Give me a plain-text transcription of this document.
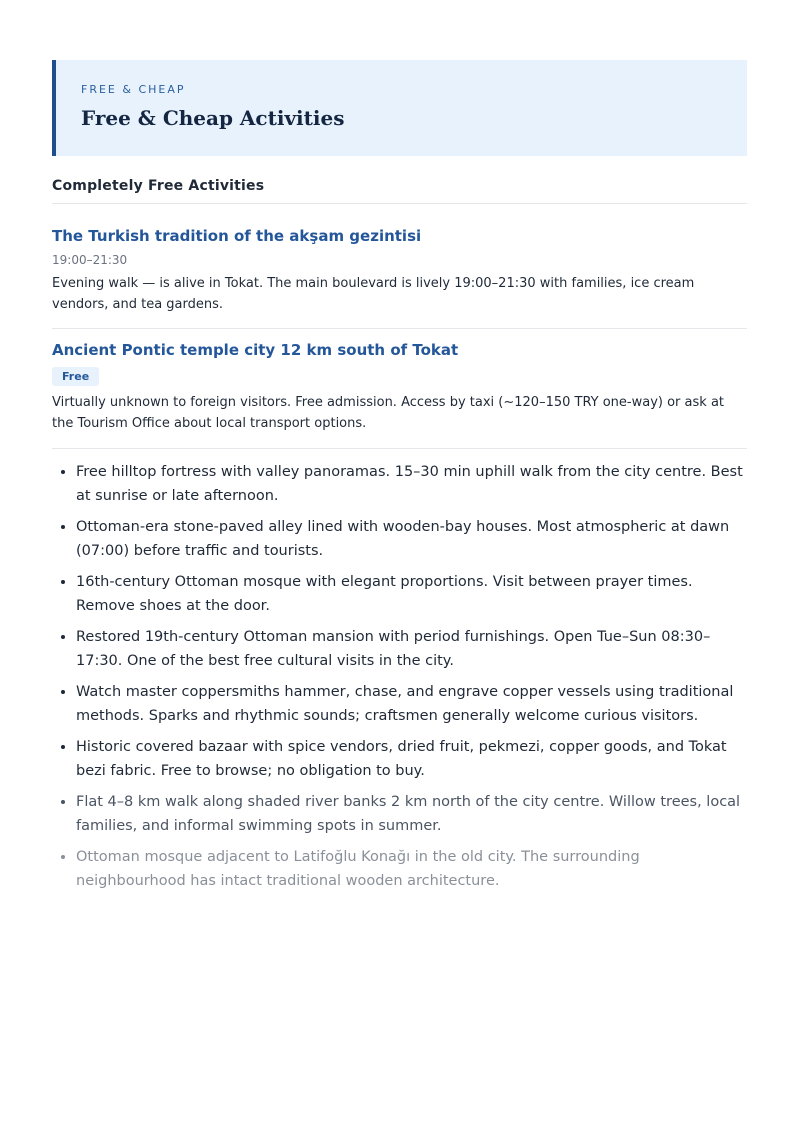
FREE & CHEAP
Free & Cheap Activities
Completely Free Activities
The Turkish tradition of the akşam gezintisi
19:00–21:30
Evening walk — is alive in Tokat. The main boulevard is lively 19:00–21:30 with families, ice cream vendors, and tea gardens.
Ancient Pontic temple city 12 km south of Tokat
Free
Virtually unknown to foreign visitors. Free admission. Access by taxi (~120–150 TRY one-way) or ask at the Tourism Office about local transport options.
• Free hilltop fortress with valley panoramas. 15–30 min uphill walk from the city centre. Best at sunrise or late afternoon.
• Ottoman-era stone-paved alley lined with wooden-bay houses. Most atmospheric at dawn (07:00) before traffic and tourists.
• 16th-century Ottoman mosque with elegant proportions. Visit between prayer times. Remove shoes at the door.
• Restored 19th-century Ottoman mansion with period furnishings. Open Tue–Sun 08:30–17:30. One of the best free cultural visits in the city.
• Watch master coppersmiths hammer, chase, and engrave copper vessels using traditional methods. Sparks and rhythmic sounds; craftsmen generally welcome curious visitors.
• Historic covered bazaar with spice vendors, dried fruit, pekmezi, copper goods, and Tokat bezi fabric. Free to browse; no obligation to buy.
• Flat 4–8 km walk along shaded river banks 2 km north of the city centre. Willow trees, local families, and informal swimming spots in summer.
• Ottoman mosque adjacent to Latifoğlu Konağı in the old city. The surrounding neighbourhood has intact traditional wooden architecture.
